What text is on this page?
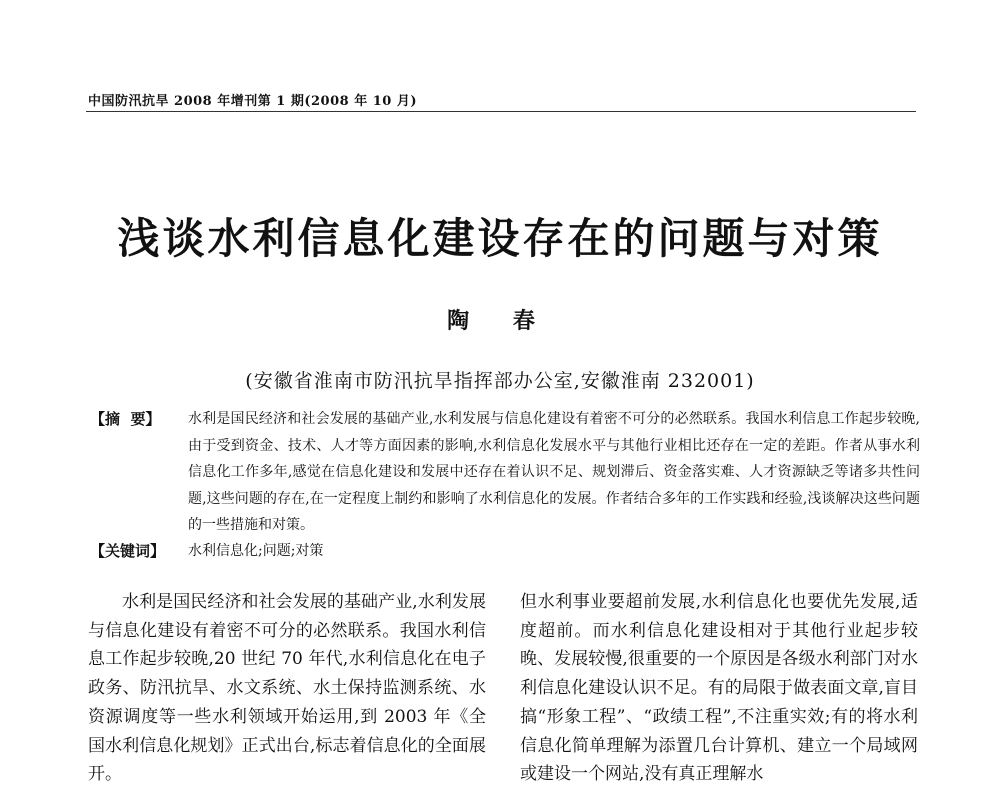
中国防汛抗旱 2008 年增刊第 1 期(2008 年 10 月)
浅谈水利信息化建设存在的问题与对策
陶 春
(安徽省淮南市防汛抗旱指挥部办公室,安徽淮南 232001)
【摘  要】 水利是国民经济和社会发展的基础产业,水利发展与信息化建设有着密不可分的必然联系。我国水利信息工作起步较晚,由于受到资金、技术、人才等方面因素的影响,水利信息化发展水平与其他行业相比还存在一定的差距。作者从事水利信息化工作多年,感觉在信息化建设和发展中还存在着认识不足、规划滞后、资金落实难、人才资源缺乏等诸多共性问题,这些问题的存在,在一定程度上制约和影响了水利信息化的发展。作者结合多年的工作实践和经验,浅谈解决这些问题的一些措施和对策。
【关键词】 水利信息化;问题;对策
水利是国民经济和社会发展的基础产业,水利发展与信息化建设有着密不可分的必然联系。我国水利信息工作起步较晚,20 世纪 70 年代,水利信息化在电子政务、防汛抗旱、水文系统、水土保持监测系统、水资源调度等一些水利领域开始运用,到 2003 年《全国水利信息化规划》正式出台,标志着信息化的全面展开。
但水利事业要超前发展,水利信息化也要优先发展,适度超前。而水利信息化建设相对于其他行业起步较晚、发展较慢,很重要的一个原因是各级水利部门对水利信息化建设认识不足。有的局限于做表面文章,盲目搞“形象工程”、“政绩工程”,不注重实效;有的将水利信息化简单理解为添置几台计算机、建立一个局域网或建设一个网站,没有真正理解水
